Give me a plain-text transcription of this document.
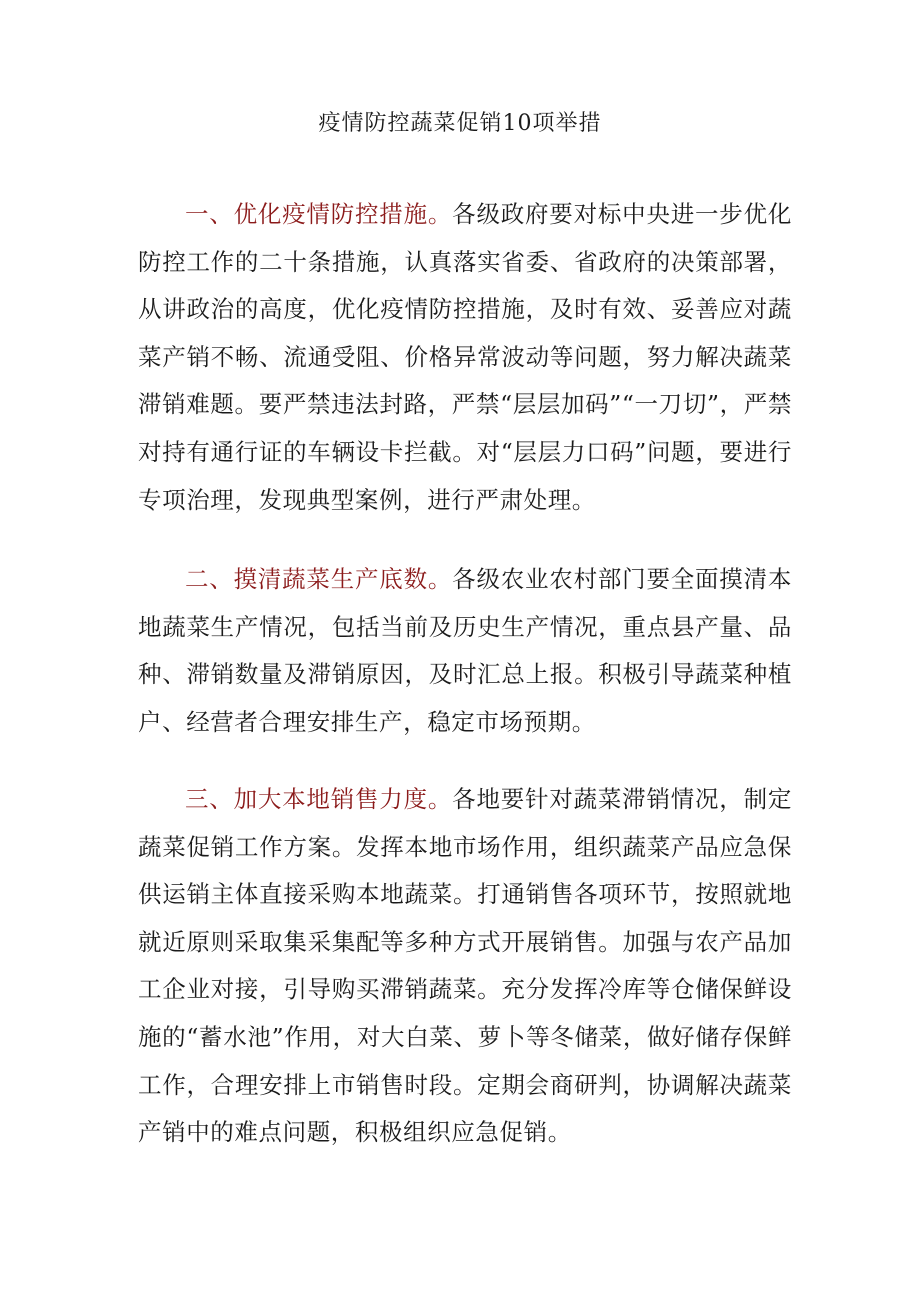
疫情防控蔬菜促销10项举措

一、优化疫情防控措施。各级政府要对标中央进一步优化防控工作的二十条措施，认真落实省委、省政府的决策部署，从讲政治的高度，优化疫情防控措施，及时有效、妥善应对蔬菜产销不畅、流通受阻、价格异常波动等问题，努力解决蔬菜滞销难题。要严禁违法封路，严禁“层层加码”“一刀切”，严禁对持有通行证的车辆设卡拦截。对“层层力口码”问题，要进行专项治理，发现典型案例，进行严肃处理。

二、摸清蔬菜生产底数。各级农业农村部门要全面摸清本地蔬菜生产情况，包括当前及历史生产情况，重点县产量、品种、滞销数量及滞销原因，及时汇总上报。积极引导蔬菜种植户、经营者合理安排生产，稳定市场预期。

三、加大本地销售力度。各地要针对蔬菜滞销情况，制定蔬菜促销工作方案。发挥本地市场作用，组织蔬菜产品应急保供运销主体直接采购本地蔬菜。打通销售各项环节，按照就地就近原则采取集采集配等多种方式开展销售。加强与农产品加工企业对接，引导购买滞销蔬菜。充分发挥冷库等仓储保鲜设施的“蓄水池”作用，对大白菜、萝卜等冬储菜，做好储存保鲜工作，合理安排上市销售时段。定期会商研判，协调解决蔬菜产销中的难点问题，积极组织应急促销。
